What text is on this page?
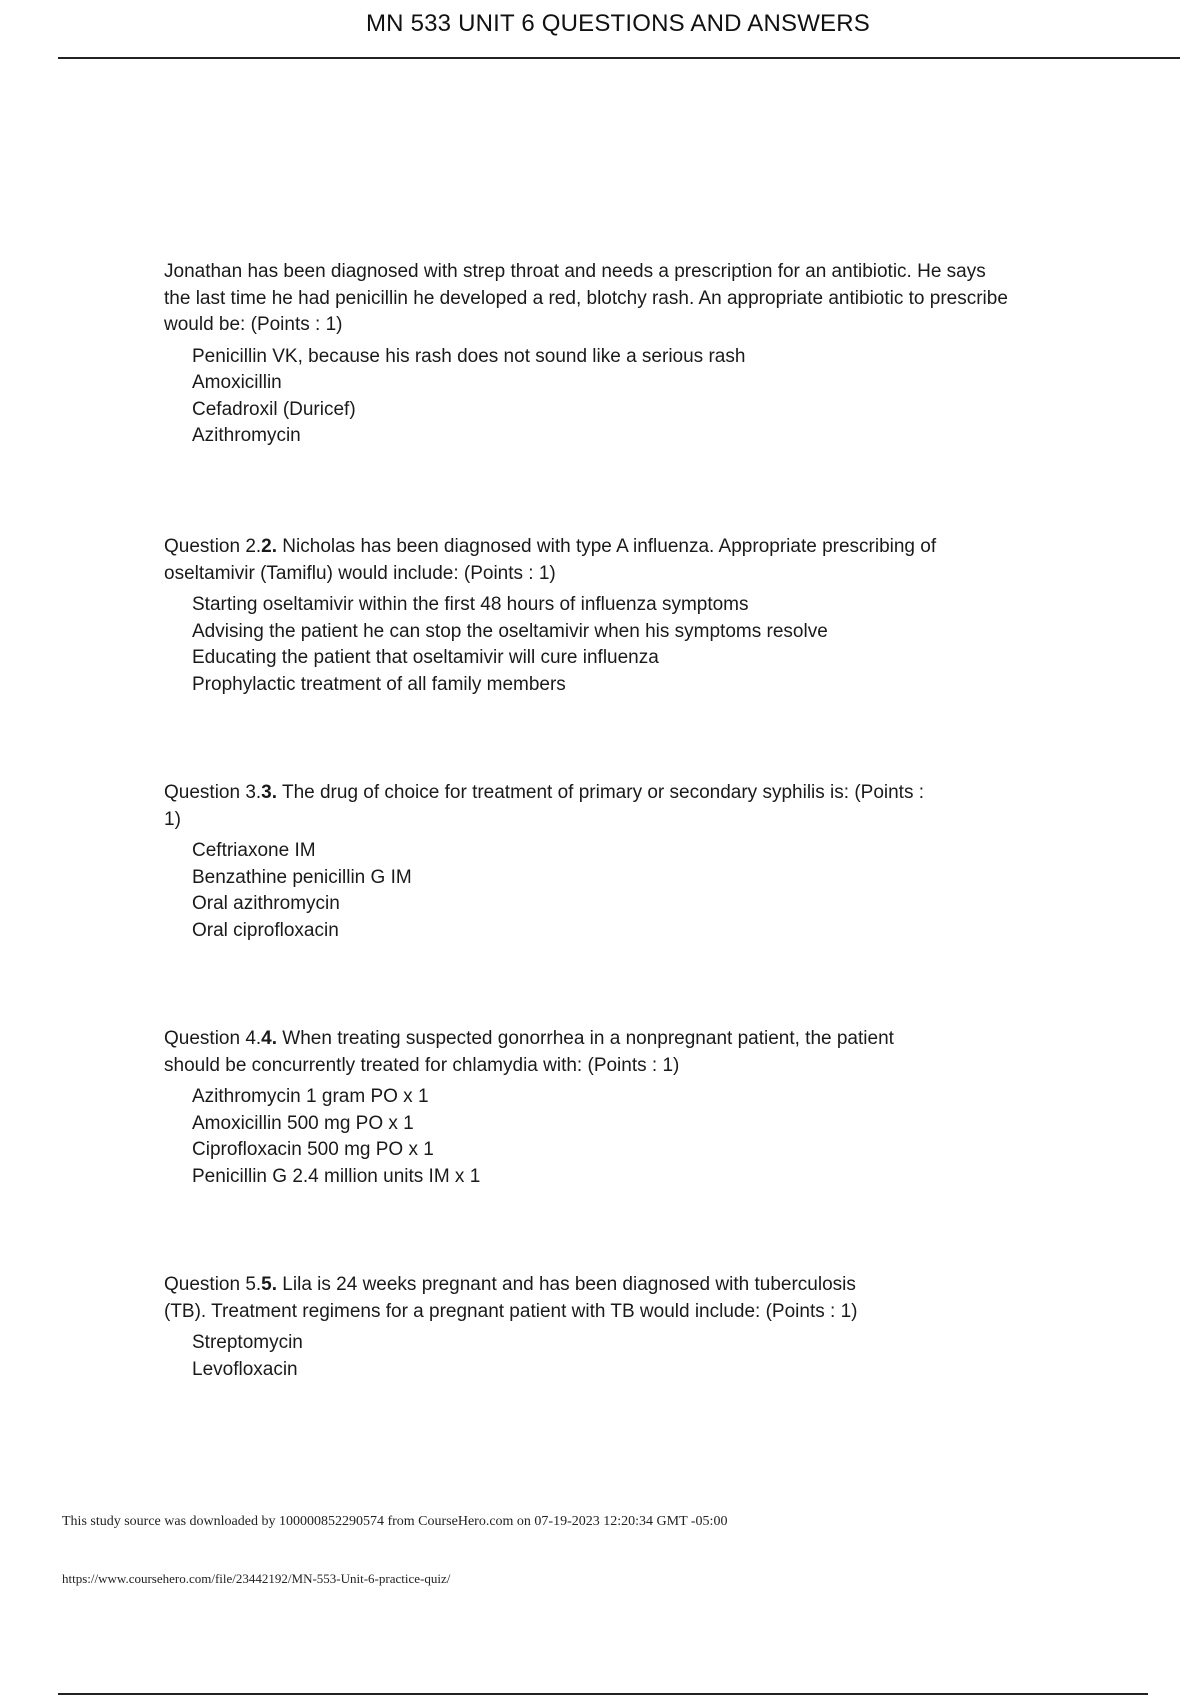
MN 533 UNIT 6 QUESTIONS AND ANSWERS

Jonathan has been diagnosed with strep throat and needs a prescription for an antibiotic. He says the last time he had penicillin he developed a red, blotchy rash. An appropriate antibiotic to prescribe would be: (Points : 1)

Penicillin VK, because his rash does not sound like a serious rash
Amoxicillin
Cefadroxil (Duricef)
Azithromycin

Question 2.2. Nicholas has been diagnosed with type A influenza. Appropriate prescribing of oseltamivir (Tamiflu) would include: (Points : 1)

Starting oseltamivir within the first 48 hours of influenza symptoms
Advising the patient he can stop the oseltamivir when his symptoms resolve
Educating the patient that oseltamivir will cure influenza
Prophylactic treatment of all family members

Question 3.3. The drug of choice for treatment of primary or secondary syphilis is: (Points : 1)

Ceftriaxone IM
Benzathine penicillin G IM
Oral azithromycin
Oral ciprofloxacin

Question 4.4. When treating suspected gonorrhea in a nonpregnant patient, the patient should be concurrently treated for chlamydia with: (Points : 1)

Azithromycin 1 gram PO x 1
Amoxicillin 500 mg PO x 1
Ciprofloxacin 500 mg PO x 1
Penicillin G 2.4 million units IM x 1

Question 5.5. Lila is 24 weeks pregnant and has been diagnosed with tuberculosis (TB). Treatment regimens for a pregnant patient with TB would include: (Points : 1)

Streptomycin
Levofloxacin
This study source was downloaded by 100000852290574 from CourseHero.com on 07-19-2023 12:20:34 GMT -05:00
https://www.coursehero.com/file/23442192/MN-553-Unit-6-practice-quiz/
